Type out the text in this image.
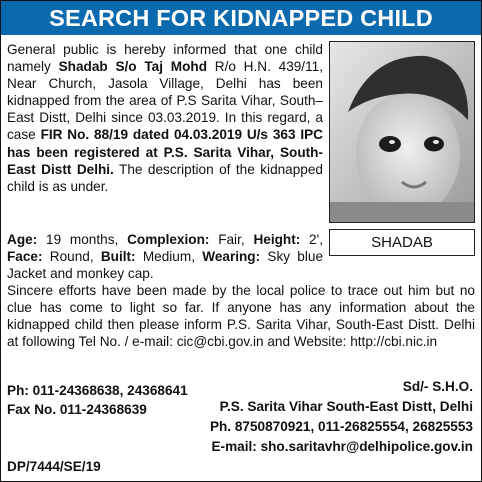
SEARCH FOR KIDNAPPED CHILD
General public is hereby informed that one child namely Shadab S/o Taj Mohd R/o H.N. 439/11, Near Church, Jasola Village, Delhi has been kidnapped from the area of P.S Sarita Vihar, South–East Distt, Delhi since 03.03.2019. In this regard, a case FIR No. 88/19 dated 04.03.2019 U/s 363 IPC has been registered at P.S. Sarita Vihar, South- East Distt Delhi. The description of the kidnapped child is as under.
SHADAB
Age: 19 months, Complexion: Fair, Height: 2', Face: Round, Built: Medium, Wearing: Sky blue Jacket and monkey cap.
Sincere efforts have been made by the local police to trace out him but no clue has come to light so far. If anyone has any information about the kidnapped child then please inform P.S. Sarita Vihar, South-East Distt. Delhi at following Tel No. / e-mail: cic@cbi.gov.in and Website: http://cbi.nic.in
Ph: 011-24368638, 24368641
Fax No. 011-24368639
Sd/- S.H.O.
P.S. Sarita Vihar South-East Distt, Delhi
Ph. 8750870921, 011-26825554, 26825553
E-mail: sho.saritavhr@delhipolice.gov.in
DP/7444/SE/19
